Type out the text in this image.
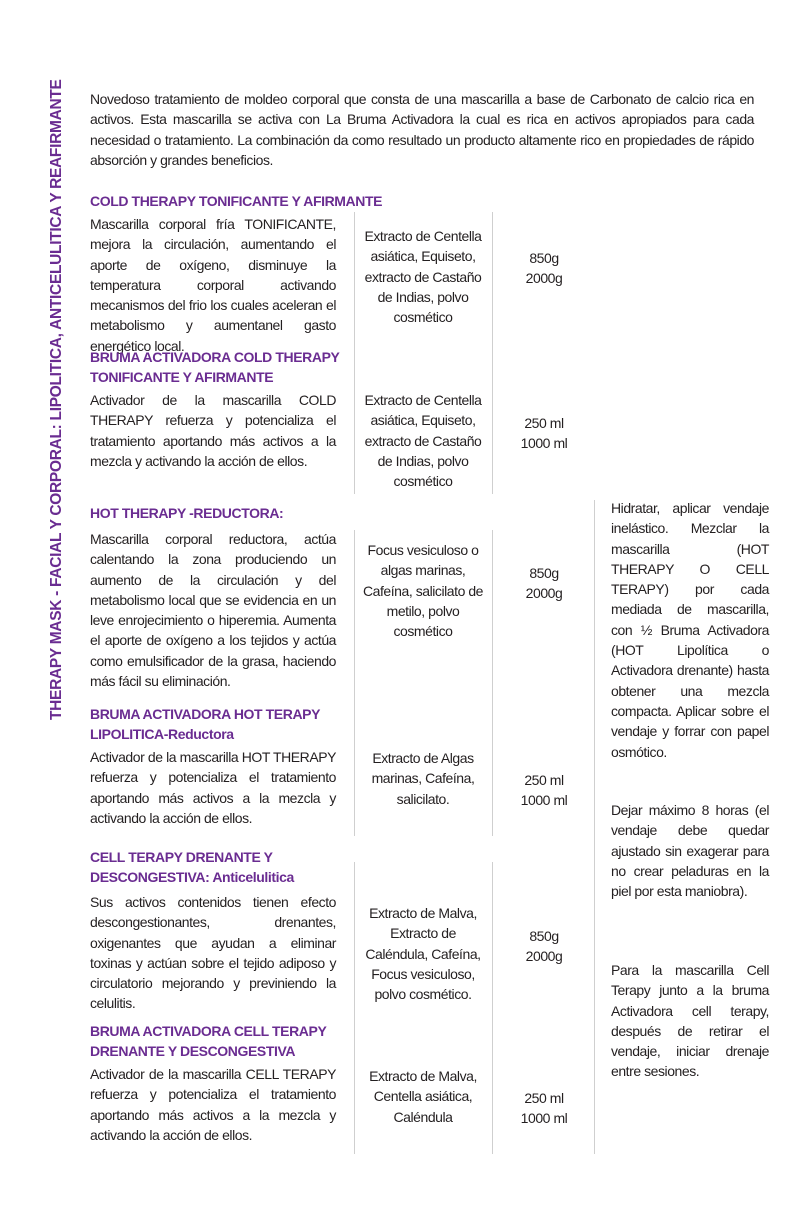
THERAPY MASK - FACIAL Y CORPORAL: LIPOLITICA, ANTICELULITICA Y REAFIRMANTE Novedoso tratamiento de moldeo corporal que consta de una mascarilla a base de Carbonato de calcio rica en activos. Esta mascarilla se activa con La Bruma Activadora la cual es rica en activos apropiados para cada necesidad o tratamiento. La combinación da como resultado un producto altamente rico en propiedades de rápido absorción y grandes beneficios.
COLD THERAPY TONIFICANTE Y AFIRMANTE
Mascarilla corporal fría TONIFICANTE, mejora la circulación, aumentando el aporte de oxígeno, disminuye la temperatura corporal activando mecanismos del frio los cuales aceleran el metabolismo y aumentanel gasto energético local.
Extracto de Centella asiática, Equiseto, extracto de Castaño de Indias, polvo cosmético
850g
2000g
BRUMA ACTIVADORA COLD THERAPY TONIFICANTE Y AFIRMANTE
Activador de la mascarilla COLD THERAPY refuerza y potencializa el tratamiento aportando más activos a la mezcla y activando la acción de ellos.
Extracto de Centella asiática, Equiseto, extracto de Castaño de Indias, polvo cosmético
250 ml
1000 ml
HOT THERAPY -REDUCTORA:
Mascarilla corporal reductora, actúa calentando la zona produciendo un aumento de la circulación y del metabolismo local que se evidencia en un leve enrojecimiento o hiperemia. Aumenta el aporte de oxígeno a los tejidos y actúa como emulsificador de la grasa, haciendo más fácil su eliminación.
Focus vesiculoso o algas marinas, Cafeína, salicilato de metilo, polvo cosmético
850g
2000g
BRUMA ACTIVADORA HOT TERAPY LIPOLITICA-Reductora
Activador de la mascarilla HOT THERAPY refuerza y potencializa el tratamiento aportando más activos a la mezcla y activando la acción de ellos.
Extracto de Algas marinas, Cafeína, salicilato.
250 ml
1000 ml
CELL TERAPY DRENANTE Y DESCONGESTIVA: Anticelulitica
Sus activos contenidos tienen efecto descongestionantes, drenantes, oxigenantes que ayudan a eliminar toxinas y actúan sobre el tejido adiposo y circulatorio mejorando y previniendo la celulitis.
Extracto de Malva, Extracto de Caléndula, Cafeína, Focus vesiculoso, polvo cosmético.
850g
2000g
BRUMA ACTIVADORA CELL TERAPY DRENANTE Y DESCONGESTIVA
Activador de la mascarilla CELL TERAPY refuerza y potencializa el tratamiento aportando más activos a la mezcla y activando la acción de ellos.
Extracto de Malva, Centella asiática, Caléndula
250 ml
1000 ml
Hidratar, aplicar vendaje inelástico. Mezclar la mascarilla (HOT THERAPY O CELL TERAPY) por cada mediada de mascarilla, con ½ Bruma Activadora (HOT Lipolítica o Activadora drenante) hasta obtener una mezcla compacta. Aplicar sobre el vendaje y forrar con papel osmótico.
Dejar máximo 8 horas (el vendaje debe quedar ajustado sin exagerar para no crear peladuras en la piel por esta maniobra).
Para la mascarilla Cell Terapy junto a la bruma Activadora cell terapy, después de retirar el vendaje, iniciar drenaje entre sesiones.
